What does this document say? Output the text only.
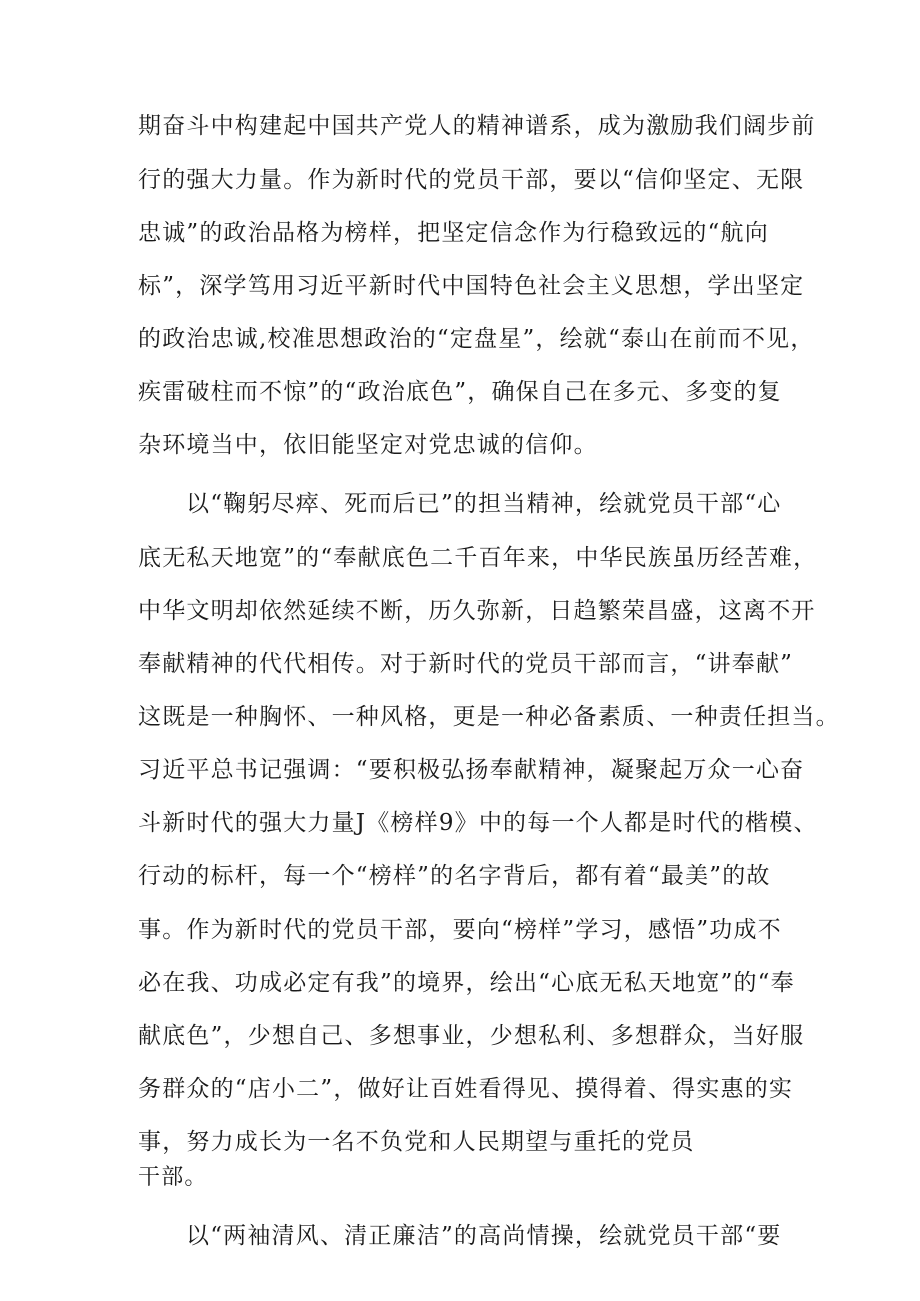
期奋斗中构建起中国共产党人的精神谱系，成为激励我们阔步前
行的强大力量。作为新时代的党员干部，要以“信仰坚定、无限
忠诚”的政治品格为榜样，把坚定信念作为行稳致远的“航向
标”，深学笃用习近平新时代中国特色社会主义思想，学出坚定
的政治忠诚,校准思想政治的“定盘星”，绘就“泰山在前而不见，
疾雷破柱而不惊”的“政治底色”，确保自己在多元、多变的复
杂环境当中，依旧能坚定对党忠诚的信仰。
以“鞠躬尽瘁、死而后已”的担当精神，绘就党员干部“心
底无私天地宽”的“奉献底色二千百年来，中华民族虽历经苦难，
中华文明却依然延续不断，历久弥新，日趋繁荣昌盛，这离不开
奉献精神的代代相传。对于新时代的党员干部而言，“讲奉献”
这既是一种胸怀、一种风格，更是一种必备素质、一种责任担当。
习近平总书记强调：“要积极弘扬奉献精神，凝聚起万众一心奋
斗新时代的强大力量J《榜样9》中的每一个人都是时代的楷模、
行动的标杆，每一个“榜样”的名字背后，都有着“最美”的故
事。作为新时代的党员干部，要向“榜样”学习，感悟”功成不
必在我、功成必定有我”的境界，绘出“心底无私天地宽”的“奉
献底色”，少想自己、多想事业，少想私利、多想群众，当好服
务群众的“店小二”，做好让百姓看得见、摸得着、得实惠的实
事，努力成长为一名不负党和人民期望与重托的党员
干部。
以“两袖清风、清正廉洁”的高尚情操，绘就党员干部“要
